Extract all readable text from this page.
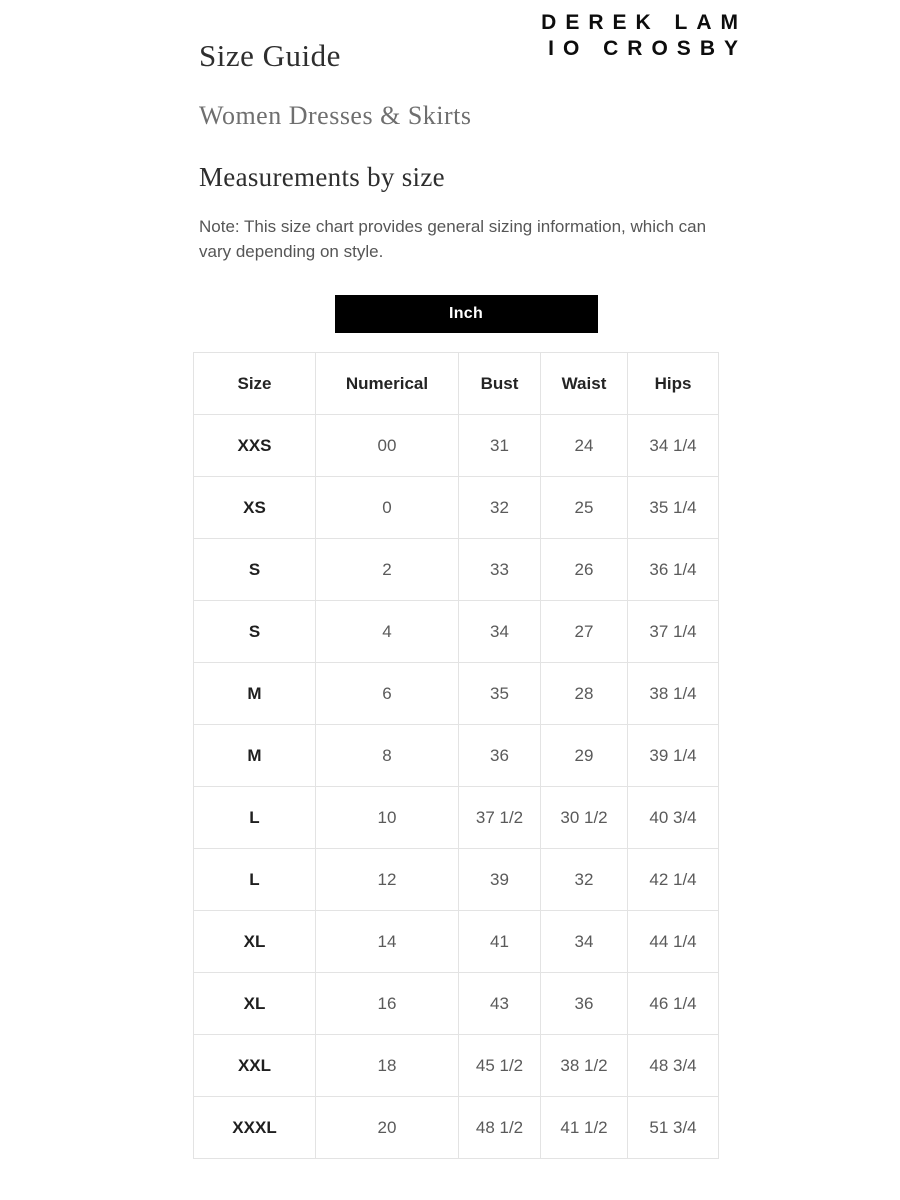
Size Guide
DEREK LAM
IO CROSBY
Women Dresses & Skirts
Measurements by size

Note: This size chart provides general sizing information, which can vary depending on style.

Inch
Size	Numerical	Bust	Waist	Hips
XXS	00	31	24	34 1/4
XS	0	32	25	35 1/4
S	2	33	26	36 1/4
S	4	34	27	37 1/4
M	6	35	28	38 1/4
M	8	36	29	39 1/4
L	10	37 1/2	30 1/2	40 3/4
L	12	39	32	42 1/4
XL	14	41	34	44 1/4
XL	16	43	36	46 1/4
XXL	18	45 1/2	38 1/2	48 3/4
XXXL	20	48 1/2	41 1/2	51 3/4
